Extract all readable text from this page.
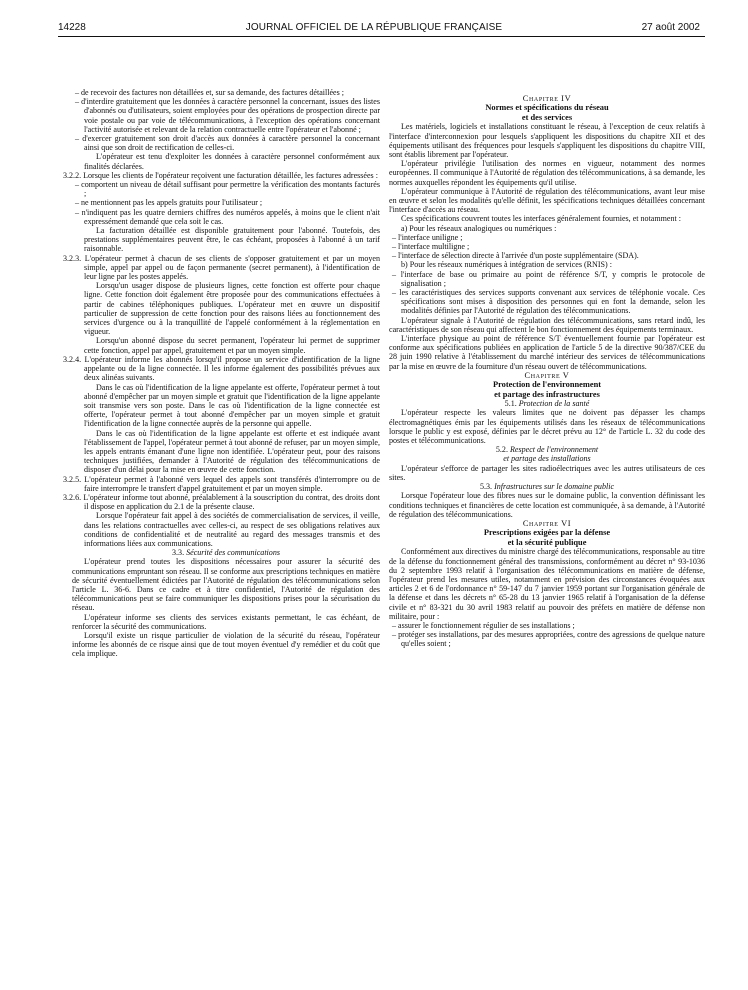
14228	JOURNAL OFFICIEL DE LA RÉPUBLIQUE FRANÇAISE	27 août 2002

– de recevoir des factures non détaillées et, sur sa demande, des factures détaillées ;

– d'interdire gratuitement que les données à caractère personnel la concernant, issues des listes d'abonnés ou d'utilisateurs, soient employées pour des opérations de prospection directe par voie postale ou par voie de télécommunications, à l'exception des opérations concernant l'activité autorisée et relevant de la relation contractuelle entre l'opérateur et l'abonné ;

– d'exercer gratuitement son droit d'accès aux données à caractère personnel la concernant ainsi que son droit de rectification de celles-ci.

L'opérateur est tenu d'exploiter les données à caractère personnel conformément aux finalités déclarées.

3.2.2. Lorsque les clients de l'opérateur reçoivent une facturation détaillée, les factures adressées :

– comportent un niveau de détail suffisant pour permettre la vérification des montants facturés ;

– ne mentionnent pas les appels gratuits pour l'utilisateur ;

– n'indiquent pas les quatre derniers chiffres des numéros appelés, à moins que le client n'ait expressément demandé que cela soit le cas.

La facturation détaillée est disponible gratuitement pour l'abonné. Toutefois, des prestations supplémentaires peuvent être, le cas échéant, proposées à l'abonné à un tarif raisonnable.

3.2.3. L'opérateur permet à chacun de ses clients de s'opposer gratuitement et par un moyen simple, appel par appel ou de façon permanente (secret permanent), à l'identification de leur ligne par les postes appelés.

Lorsqu'un usager dispose de plusieurs lignes, cette fonction est offerte pour chaque ligne. Cette fonction doit également être proposée pour des communications effectuées à partir de cabines téléphoniques publiques. L'opérateur met en œuvre un dispositif particulier de suppression de cette fonction pour des raisons liées au fonctionnement des services d'urgence ou à la tranquillité de l'appelé conformément à la réglementation en vigueur.

Lorsqu'un abonné dispose du secret permanent, l'opérateur lui permet de supprimer cette fonction, appel par appel, gratuitement et par un moyen simple.

3.2.4. L'opérateur informe les abonnés lorsqu'il propose un service d'identification de la ligne appelante ou de la ligne connectée. Il les informe également des possibilités prévues aux deux alinéas suivants.

Dans le cas où l'identification de la ligne appelante est offerte, l'opérateur permet à tout abonné d'empêcher par un moyen simple et gratuit que l'identification de la ligne appelante soit transmise vers son poste. Dans le cas où l'identification de la ligne connectée est offerte, l'opérateur permet à tout abonné d'empêcher par un moyen simple et gratuit l'identification de la ligne connectée auprès de la personne qui appelle.

Dans le cas où l'identification de la ligne appelante est offerte et est indiquée avant l'établissement de l'appel, l'opérateur permet à tout abonné de refuser, par un moyen simple, les appels entrants émanant d'une ligne non identifiée. L'opérateur peut, pour des raisons techniques justifiées, demander à l'Autorité de régulation des télécommunications de disposer d'un délai pour la mise en œuvre de cette fonction.

3.2.5. L'opérateur permet à l'abonné vers lequel des appels sont transférés d'interrompre ou de faire interrompre le transfert d'appel gratuitement et par un moyen simple.

3.2.6. L'opérateur informe tout abonné, préalablement à la souscription du contrat, des droits dont il dispose en application du 2.1 de la présente clause.

Lorsque l'opérateur fait appel à des sociétés de commercialisation de services, il veille, dans les relations contractuelles avec celles-ci, au respect de ses obligations relatives aux conditions de confidentialité et de neutralité au regard des messages transmis et des informations liées aux communications.

3.3. Sécurité des communications

L'opérateur prend toutes les dispositions nécessaires pour assurer la sécurité des communications empruntant son réseau. Il se conforme aux prescriptions techniques en matière de sécurité éventuellement édictées par l'Autorité de régulation des télécommunications selon l'article L. 36-6. Dans ce cadre et à titre confidentiel, l'Autorité de régulation des télécommunications peut se faire communiquer les dispositions prises pour la sécurisation du réseau.

L'opérateur informe ses clients des services existants permettant, le cas échéant, de renforcer la sécurité des communications.

Lorsqu'il existe un risque particulier de violation de la sécurité du réseau, l'opérateur informe les abonnés de ce risque ainsi que de tout moyen éventuel d'y remédier et du coût que cela implique.

Chapitre IV

Normes et spécifications du réseau
et des services

Les matériels, logiciels et installations constituant le réseau, à l'exception de ceux relatifs à l'interface d'interconnexion pour lesquels s'appliquent les dispositions du chapitre XII et des équipements utilisant des fréquences pour lesquels s'appliquent les dispositions du chapitre VIII, sont établis librement par l'opérateur.

L'opérateur privilégie l'utilisation des normes en vigueur, notamment des normes européennes. Il communique à l'Autorité de régulation des télécommunications, à sa demande, les normes auxquelles répondent les équipements qu'il utilise.

L'opérateur communique à l'Autorité de régulation des télécommunications, avant leur mise en œuvre et selon les modalités qu'elle définit, les spécifications techniques détaillées concernant l'interface d'accès au réseau.

Ces spécifications couvrent toutes les interfaces généralement fournies, et notamment :

a) Pour les réseaux analogiques ou numériques :

– l'interface uniligne ;

– l'interface multiligne ;

– l'interface de sélection directe à l'arrivée d'un poste supplémentaire (SDA).

b) Pour les réseaux numériques à intégration de services (RNIS) :

– l'interface de base ou primaire au point de référence S/T, y compris le protocole de signalisation ;

– les caractéristiques des services supports convenant aux services de téléphonie vocale. Ces spécifications sont mises à disposition des personnes qui en font la demande, selon les modalités définies par l'Autorité de régulation des télécommunications.

L'opérateur signale à l'Autorité de régulation des télécommunications, sans retard indû, les caractéristiques de son réseau qui affectent le bon fonctionnement des équipements terminaux.

L'interface physique au point de référence S/T éventuellement fournie par l'opérateur est conforme aux spécifications publiées en application de l'article 5 de la directive 90/387/CEE du 28 juin 1990 relative à l'établissement du marché intérieur des services de télécommunications par la mise en œuvre de la fourniture d'un réseau ouvert de télécommunications.

Chapitre V

Protection de l'environnement
et partage des infrastructures

5.1. Protection de la santé

L'opérateur respecte les valeurs limites que ne doivent pas dépasser les champs électromagnétiques émis par les équipements utilisés dans les réseaux de télécommunications lorsque le public y est exposé, définies par le décret prévu au 12° de l'article L. 32 du code des postes et télécommunications.

5.2. Respect de l'environnement
et partage des installations

L'opérateur s'efforce de partager les sites radioélectriques avec les autres utilisateurs de ces sites.

5.3. Infrastructures sur le domaine public

Lorsque l'opérateur loue des fibres nues sur le domaine public, la convention définissant les conditions techniques et financières de cette location est communiquée, à sa demande, à l'Autorité de régulation des télécommunications.

Chapitre VI

Prescriptions exigées par la défense
et la sécurité publique

Conformément aux directives du ministre chargé des télécommunications, responsable au titre de la défense du fonctionnement général des transmissions, conformément au décret n° 93-1036 du 2 septembre 1993 relatif à l'organisation des télécommunications en matière de défense, l'opérateur prend les mesures utiles, notamment en prévision des circonstances évoquées aux articles 2 et 6 de l'ordonnance n° 59-147 du 7 janvier 1959 portant sur l'organisation générale de la défense et dans les décrets n° 65-28 du 13 janvier 1965 relatif à l'organisation de la défense civile et n° 83-321 du 30 avril 1983 relatif au pouvoir des préfets en matière de défense non militaire, pour :

– assurer le fonctionnement régulier de ses installations ;

– protéger ses installations, par des mesures appropriées, contre des agressions de quelque nature qu'elles soient ;
